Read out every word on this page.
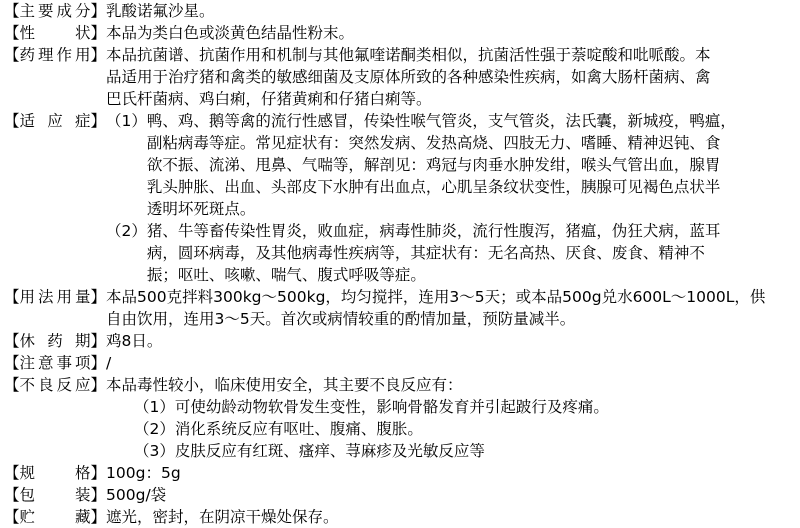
【 主要成分 】 乳酸诺氟沙星。
【 性　　状 】 本品为类白色或淡黄色结晶性粉末。
【 药理作用 】 本品抗菌谱、抗菌作用和机制与其他氟喹诺酮类相似，抗菌活性强于萘啶酸和吡哌酸。本
品适用于治疗猪和禽类的敏感细菌及支原体所致的各种感染性疾病，如禽大肠杆菌病、禽
巴氏杆菌病、鸡白痢，仔猪黄痢和仔猪白痢等。
【 适 应 症 】 （1） 鸭、鸡、鹅等禽的流行性感冒，传染性喉气管炎，支气管炎，法氏囊，新城疫，鸭瘟，
副粘病毒等症。常见症状有：突然发病、发热高烧、四肢无力、嗜睡、精神迟钝、食
欲不振、流涕、甩鼻、气喘等，解剖见：鸡冠与肉垂水肿发绀，喉头气管出血，腺胃
乳头肿胀、出血、头部皮下水肿有出血点，心肌呈条纹状变性，胰腺可见褐色点状半
透明坏死斑点。
（2） 猪、牛等畜传染性胃炎，败血症，病毒性肺炎，流行性腹泻，猪瘟，伪狂犬病，蓝耳
病，圆环病毒，及其他病毒性疾病等，其症状有：无名高热、厌食、废食、精神不
振；呕吐、咳嗽、喘气、腹式呼吸等症。
【 用法用量 】 本品500克拌料300kg～500kg，均匀搅拌，连用3～5天；或本品500g兑水600L～1000L，供
自由饮用，连用3～5天。首次或病情较重的酌情加量，预防量减半。
【 休 药 期 】 鸡8日。
【 注意事项 】 /
【 不良反应 】 本品毒性较小，临床使用安全，其主要不良反应有：
（1）可使幼龄动物软骨发生变性，影响骨骼发育并引起跛行及疼痛。
（2）消化系统反应有呕吐、腹痛、腹胀。
（3）皮肤反应有红斑、瘙痒、荨麻疹及光敏反应等
【 规　　格 】 100g：5g
【 包　　装 】 500g/袋
【 贮　　藏 】 遮光，密封，在阴凉干燥处保存。
